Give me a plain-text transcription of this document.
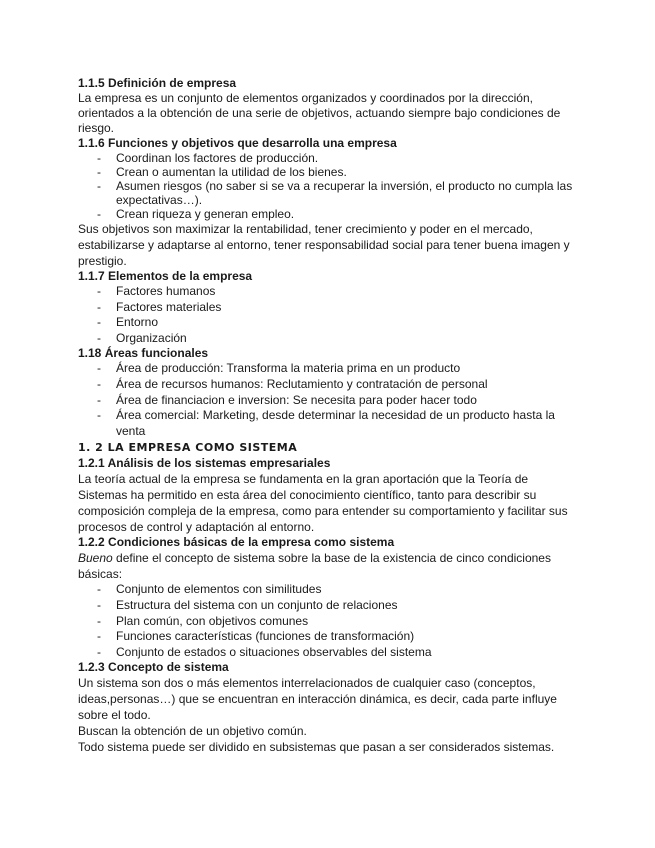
1.1.5 Definición de empresa
La empresa es un conjunto de elementos organizados y coordinados por la dirección, orientados a la obtención de una serie de objetivos, actuando siempre bajo condiciones de riesgo.
1.1.6 Funciones y objetivos que desarrolla una empresa
- Coordinan los factores de producción.
- Crean o aumentan la utilidad de los bienes.
- Asumen riesgos (no saber si se va a recuperar la inversión, el producto no cumpla las expectativas…).
- Crean riqueza y generan empleo.
Sus objetivos son maximizar la rentabilidad, tener crecimiento y poder en el mercado, estabilizarse y adaptarse al entorno, tener responsabilidad social para tener buena imagen y prestigio.
1.1.7 Elementos de la empresa
- Factores humanos
- Factores materiales
- Entorno
- Organización
1.18 Áreas funcionales
- Área de producción: Transforma la materia prima en un producto
- Área de recursos humanos: Reclutamiento y contratación de personal
- Área de financiacion e inversion: Se necesita para poder hacer todo
- Área comercial: Marketing, desde determinar la necesidad de un producto hasta la venta
1. 2 LA EMPRESA COMO SISTEMA
1.2.1 Análisis de los sistemas empresariales
La teoría actual de la empresa se fundamenta en la gran aportación que la Teoría de Sistemas ha permitido en esta área del conocimiento científico, tanto para describir su composición compleja de la empresa, como para entender su comportamiento y facilitar sus procesos de control y adaptación al entorno.
1.2.2 Condiciones básicas de la empresa como sistema
Bueno define el concepto de sistema sobre la base de la existencia de cinco condiciones básicas:
- Conjunto de elementos con similitudes
- Estructura del sistema con un conjunto de relaciones
- Plan común, con objetivos comunes
- Funciones características (funciones de transformación)
- Conjunto de estados o situaciones observables del sistema
1.2.3 Concepto de sistema
Un sistema son dos o más elementos interrelacionados de cualquier caso (conceptos, ideas,personas…) que se encuentran en interacción dinámica, es decir, cada parte influye sobre el todo.
Buscan la obtención de un objetivo común.
Todo sistema puede ser dividido en subsistemas que pasan a ser considerados sistemas.
